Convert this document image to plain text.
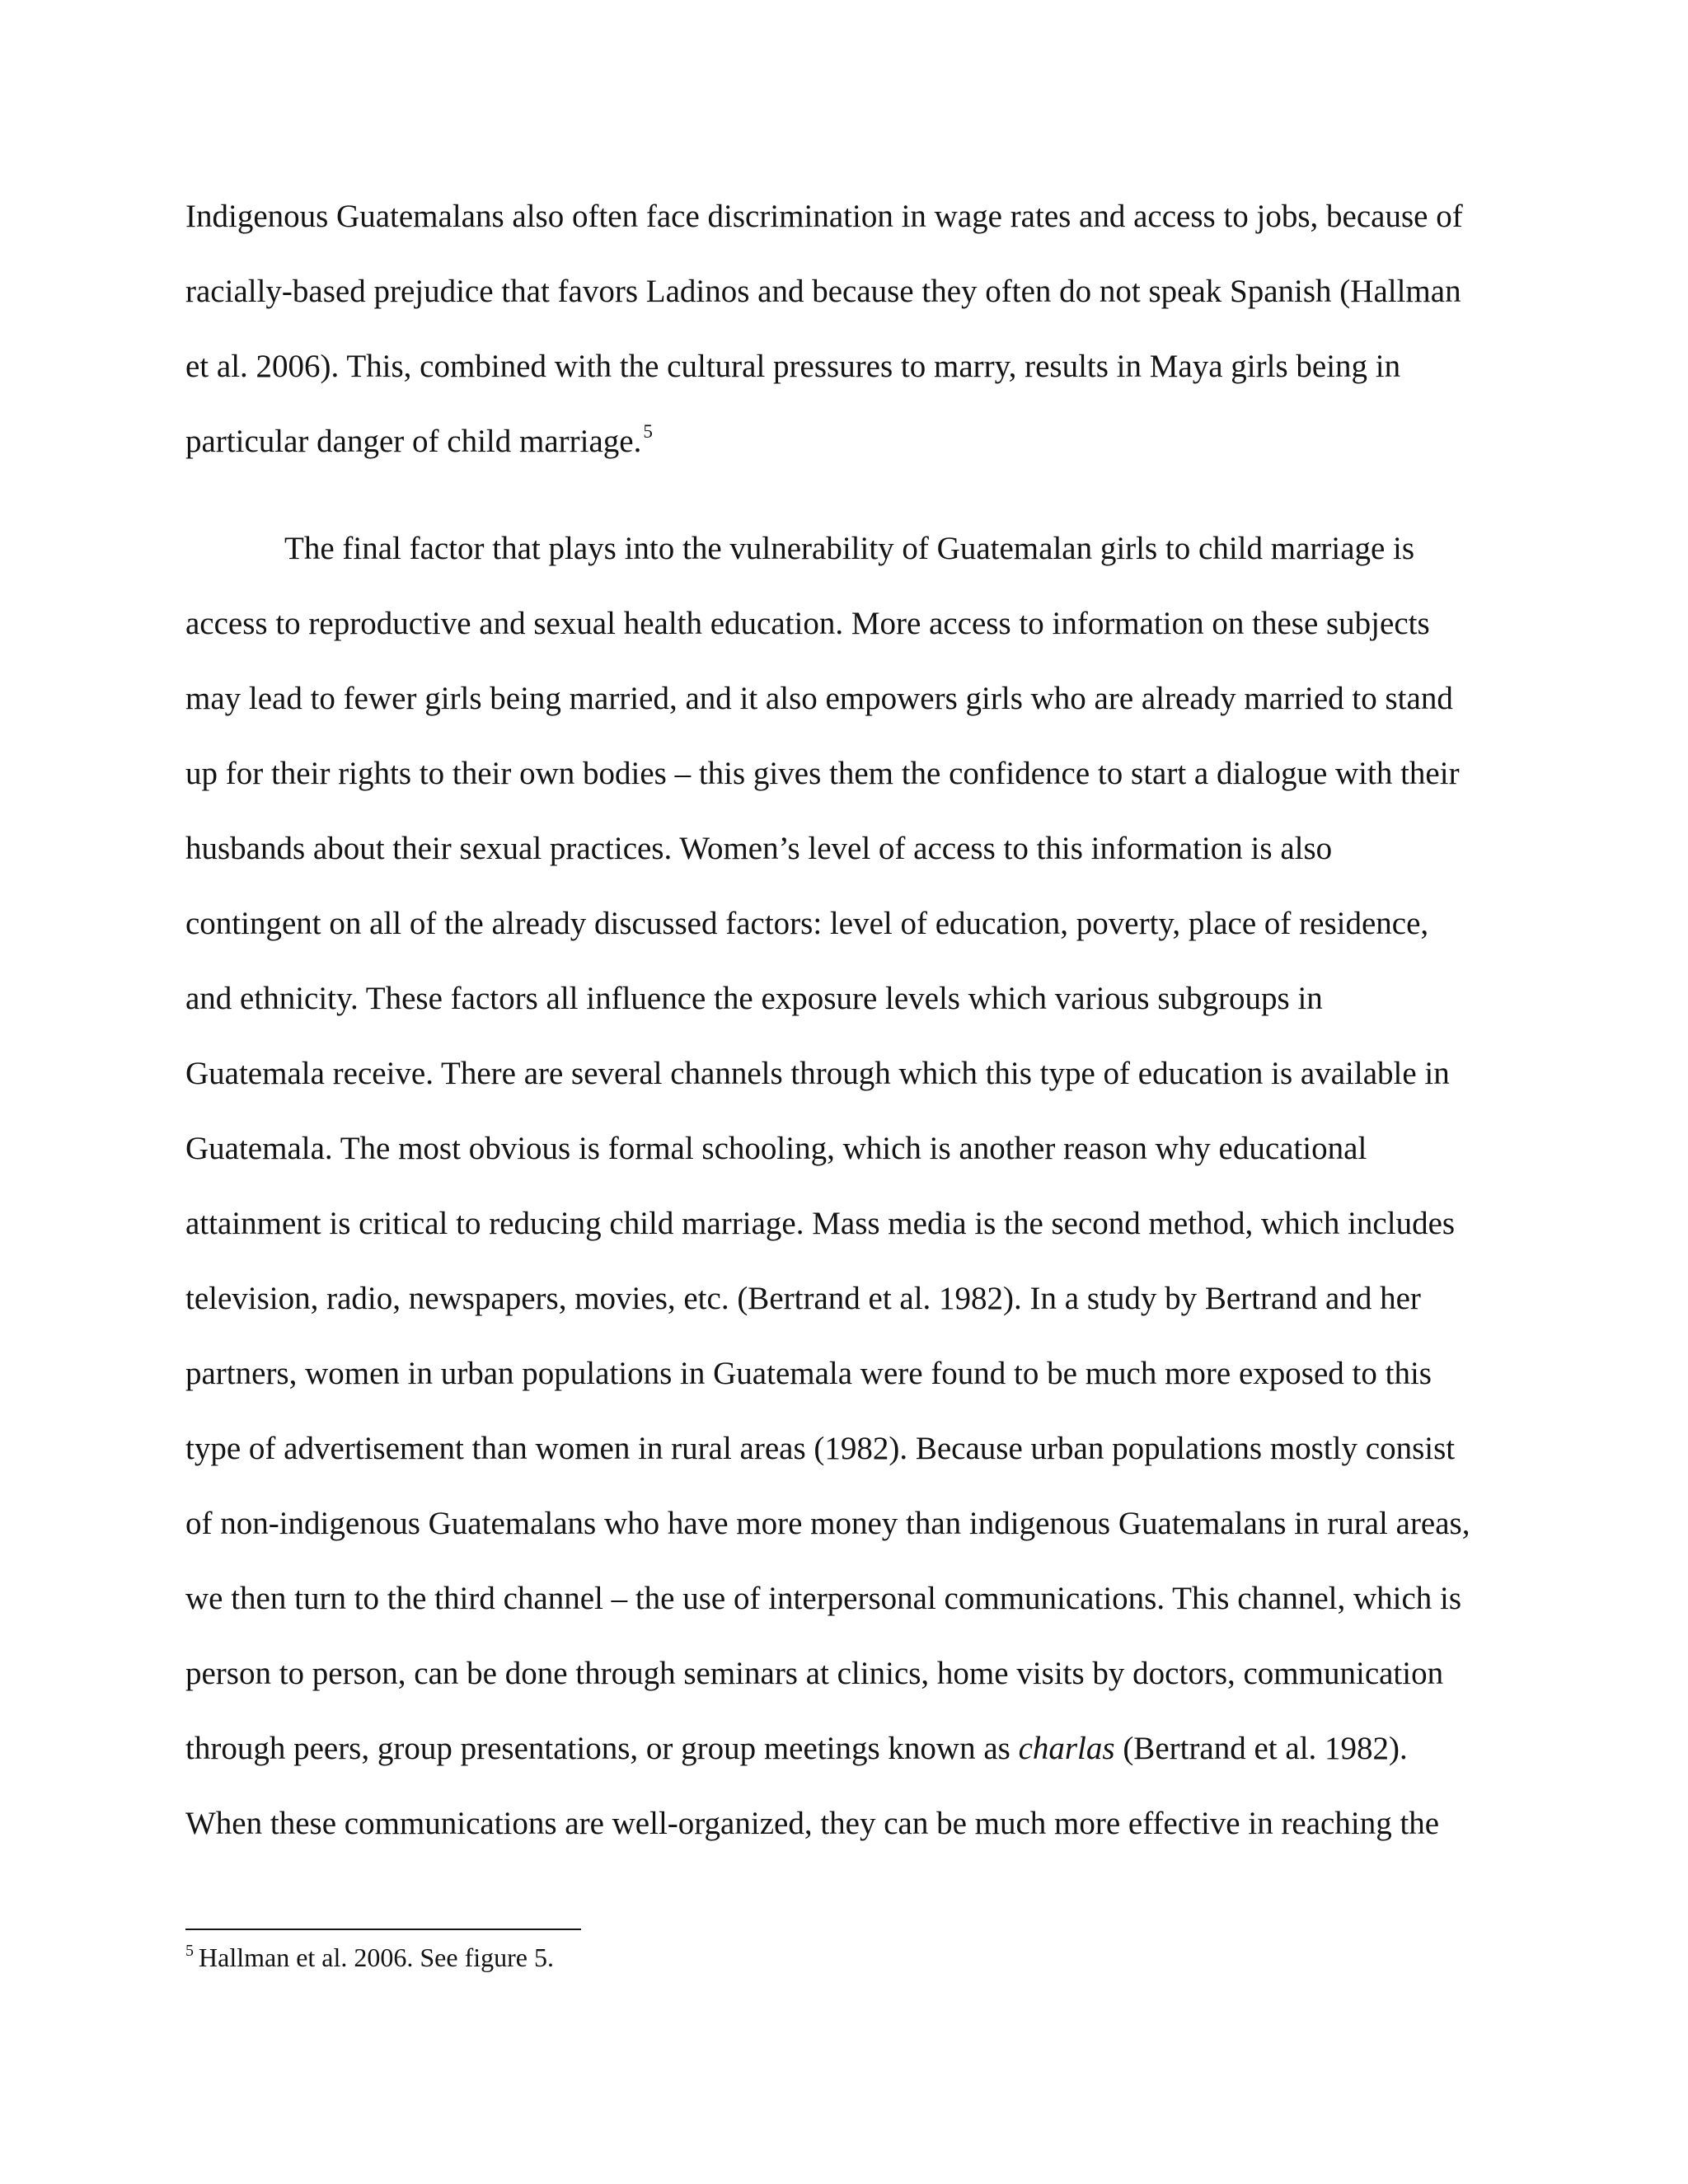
Indigenous Guatemalans also often face discrimination in wage rates and access to jobs, because of

racially-based prejudice that favors Ladinos and because they often do not speak Spanish (Hallman

et al. 2006). This, combined with the cultural pressures to marry, results in Maya girls being in

particular danger of child marriage.$^5$

The final factor that plays into the vulnerability of Guatemalan girls to child marriage is

access to reproductive and sexual health education. More access to information on these subjects

may lead to fewer girls being married, and it also empowers girls who are already married to stand

up for their rights to their own bodies – this gives them the confidence to start a dialogue with their

husbands about their sexual practices. Women’s level of access to this information is also

contingent on all of the already discussed factors: level of education, poverty, place of residence,

and ethnicity. These factors all influence the exposure levels which various subgroups in

Guatemala receive. There are several channels through which this type of education is available in

Guatemala. The most obvious is formal schooling, which is another reason why educational

attainment is critical to reducing child marriage. Mass media is the second method, which includes

television, radio, newspapers, movies, etc. (Bertrand et al. 1982). In a study by Bertrand and her

partners, women in urban populations in Guatemala were found to be much more exposed to this

type of advertisement than women in rural areas (1982). Because urban populations mostly consist

of non-indigenous Guatemalans who have more money than indigenous Guatemalans in rural areas,

we then turn to the third channel – the use of interpersonal communications. This channel, which is

person to person, can be done through seminars at clinics, home visits by doctors, communication

through peers, group presentations, or group meetings known as charlas (Bertrand et al. 1982).

When these communications are well-organized, they can be much more effective in reaching the

$^5$ Hallman et al. 2006. See figure 5.
